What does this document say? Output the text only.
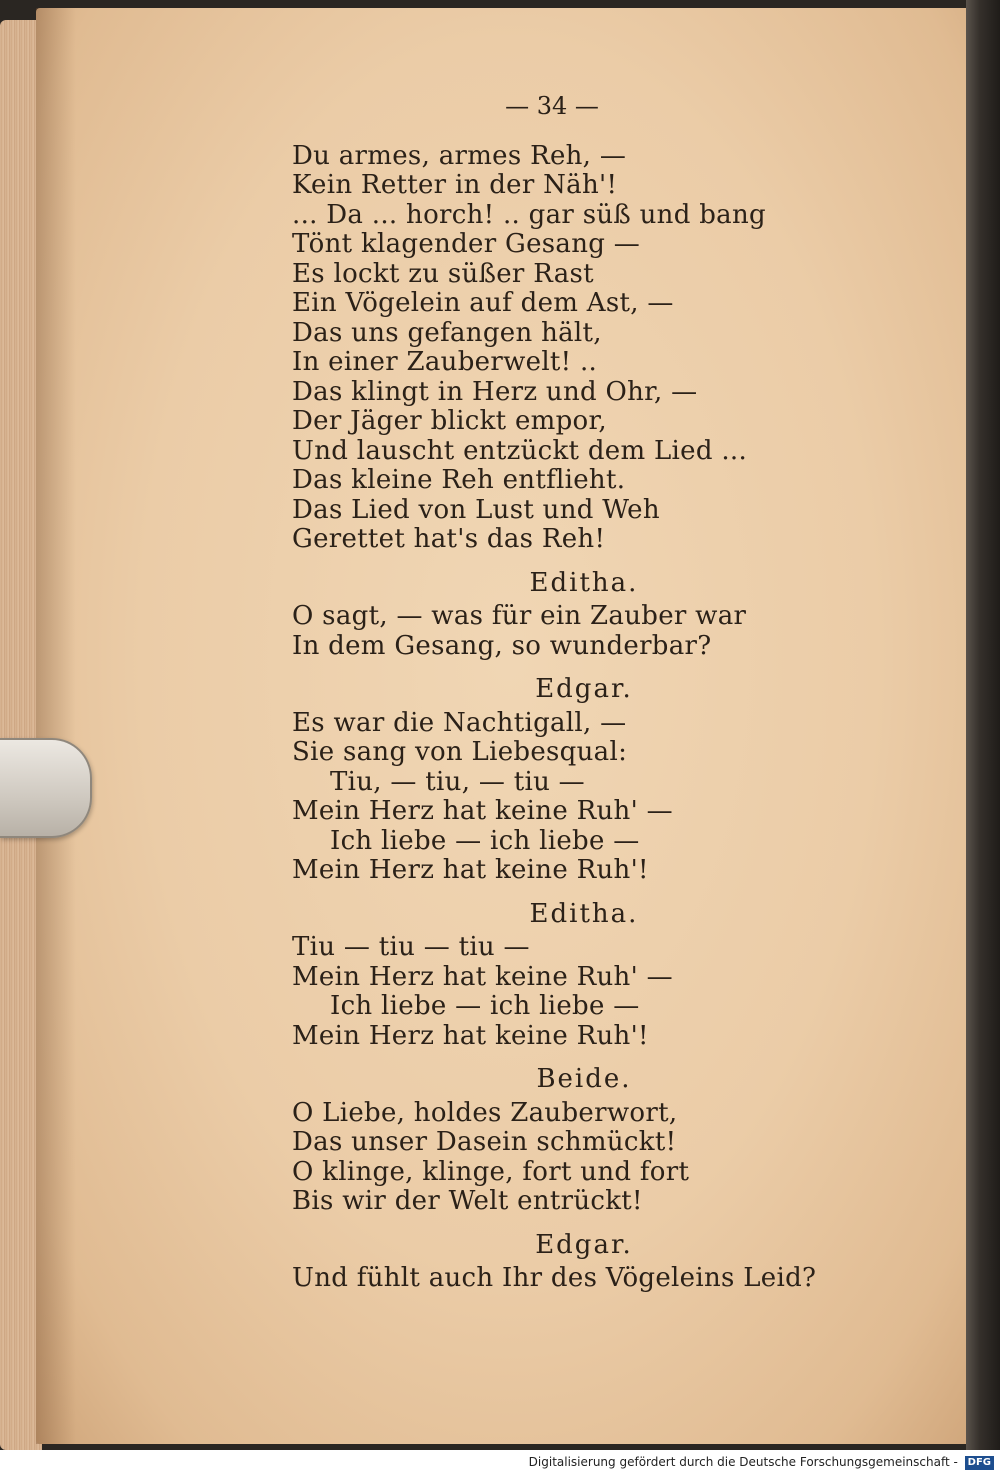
— 34 —
Du armes, armes Reh, —
Kein Retter in der Näh'!
... Da ... horch! .. gar süß und bang
Tönt klagender Gesang —
Es lockt zu süßer Rast
Ein Vögelein auf dem Ast, —
Das uns gefangen hält,
In einer Zauberwelt! ..
Das klingt in Herz und Ohr, —
Der Jäger blickt empor,
Und lauscht entzückt dem Lied ...
Das kleine Reh entflieht.
Das Lied von Lust und Weh
Gerettet hat's das Reh!
Editha.
O sagt, — was für ein Zauber war
In dem Gesang, so wunderbar?
Edgar.
Es war die Nachtigall, —
Sie sang von Liebesqual:
Tiu, — tiu, — tiu —
Mein Herz hat keine Ruh' —
Ich liebe — ich liebe —
Mein Herz hat keine Ruh'!
Editha.
Tiu — tiu — tiu —
Mein Herz hat keine Ruh' —
Ich liebe — ich liebe —
Mein Herz hat keine Ruh'!
Beide.
O Liebe, holdes Zauberwort,
Das unser Dasein schmückt!
O klinge, klinge, fort und fort
Bis wir der Welt entrückt!
Edgar.
Und fühlt auch Ihr des Vögeleins Leid?
Digitalisierung gefördert durch die Deutsche Forschungsgemeinschaft - DFG
